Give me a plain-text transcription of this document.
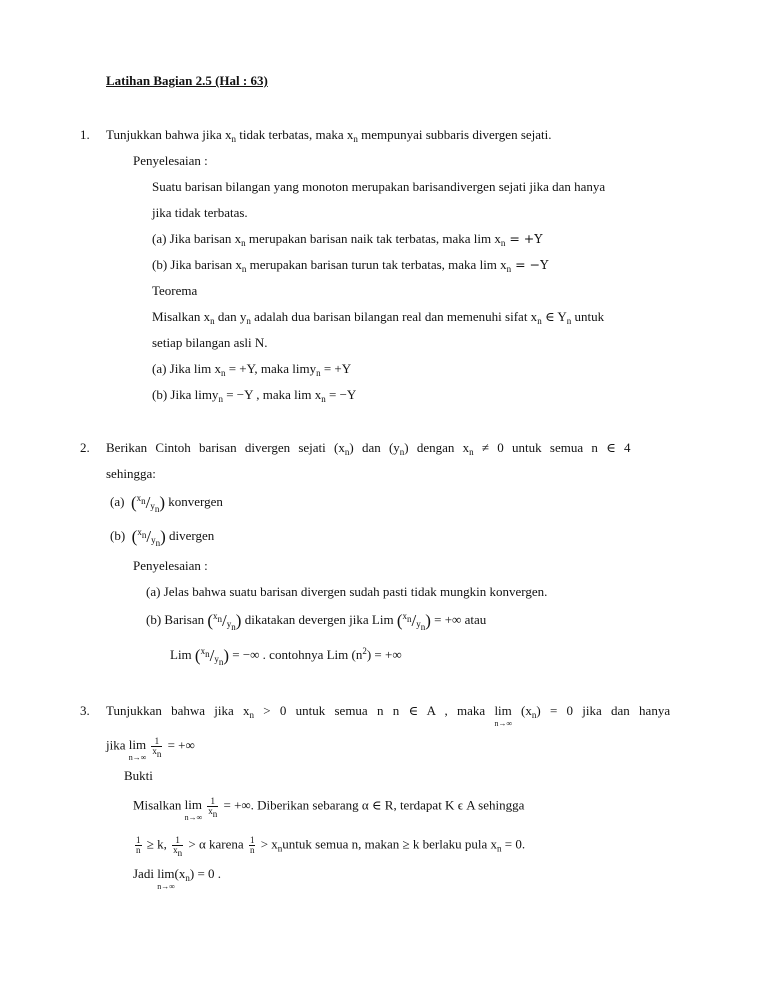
Latihan Bagian 2.5 (Hal : 63)
1. Tunjukkan bahwa jika $x_n$ tidak terbatas, maka $x_n$ mempunyai subbaris divergen sejati.
Penyelesaian :
Suatu barisan bilangan yang monoton merupakan barisandivergen sejati jika dan hanya
jika tidak terbatas.
(a) Jika barisan $x_n$ merupakan barisan naik tak terbatas, maka $\lim x_n = +Y$
(b) Jika barisan $x_n$ merupakan barisan turun tak terbatas, maka $\lim x_n = -Y$
Teorema
Misalkan $x_n$ dan $y_n$ adalah dua barisan bilangan real dan memenuhi sifat $x_n$ ∈ $Y_n$ untuk
setiap bilangan asli N.
(a) Jika $\lim x_n = +Y$, maka limy$_n$ = +Y
(b) Jika limy$_n$ = −Y , maka $\lim x_n = -Y$
2. Berikan Cintoh barisan divergen sejati $(x_n)$ dan $(y_n)$ dengan $x_n \ne 0$ untuk semua n ∈ 4
sehingga:
(a) $(^{x_n}/_{y_n})$ konvergen
(b) $(^{x_n}/_{y_n})$ divergen
Penyelesaian :
(a) Jelas bahwa suatu barisan divergen sudah pasti tidak mungkin konvergen.
(b) Barisan $(^{x_n}/_{y_n})$ dikatakan devergen jika Lim $(^{x_n}/_{y_n})$ = +∞ atau
Lim $(^{x_n}/_{y_n})$ = −∞ . contohnya Lim $(n^2)$ = +∞
3. Tunjukkan bahwa jika $x_n > 0$ untuk semua n n ∈ A , maka lim
n→∞
$(x_n) = 0$ jika dan hanya
jika lim
n→∞

$\frac{1}{x_n}$ = +∞
Bukti
Misalkan lim
n→∞

$\frac{1}{x_n}$ = +∞. Diberikan sebarang α ∈ R, terdapat K ϵ A sehingga
$\frac{1}{n} \ge k$, $\frac{1}{x_n} > \alpha$ karena $\frac{1}{n}$ > $x_nuntuk$ semua n, makan ≥ k berlaku pula $x_n = 0$.
Jadi lim
n→∞
$(x_n) = 0$ .
